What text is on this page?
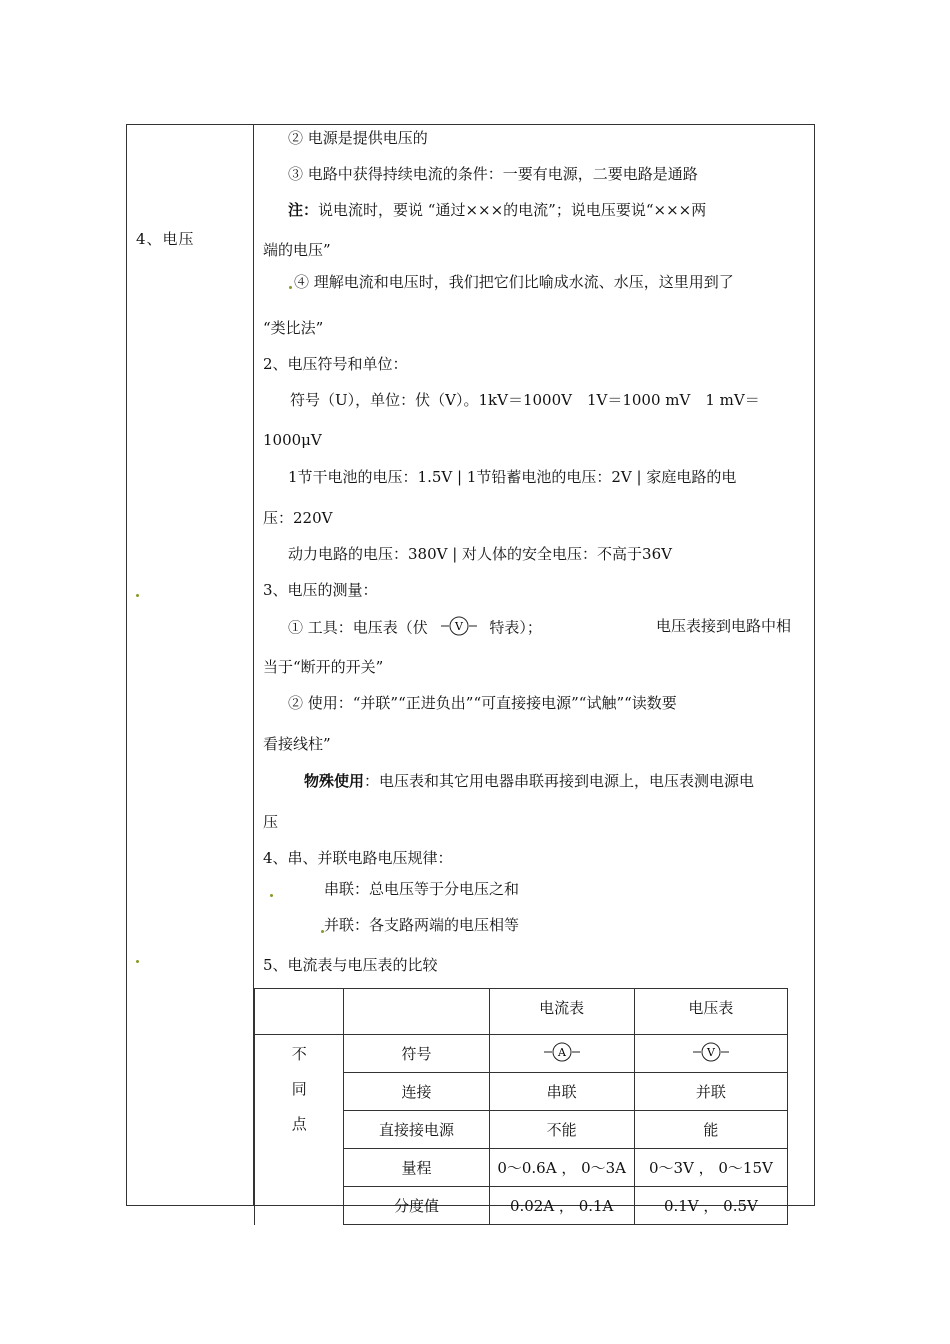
4、电压
② 电源是提供电压的
③ 电路中获得持续电流的条件：一要有电源，二要电路是通路
注：说电流时，要说 “通过×××的电流”；说电压要说“×××两
端的电压”
④ 理解电流和电压时，我们把它们比喻成水流、水压，这里用到了
“类比法”
2、电压符号和单位：
符号（U），单位：伏（V）。1kV＝1000V　1V＝1000 mV　1 mV＝
1000μV
1节干电池的电压：1.5V | 1节铅蓄电池的电压：2V | 家庭电路的电
压：220V
动力电路的电压：380V | 对人体的安全电压：不高于36V
3、电压的测量：
① 工具：电压表（伏 V 特表）；	电压表接到电路中相
当于“断开的开关”
② 使用：“并联”“正进负出”“可直接接电源”“试触”“读数要
看接线柱”
物殊使用：电压表和其它用电器串联再接到电源上，电压表测电源电
压
4、串、并联电路电压规律：
串联：总电压等于分电压之和
并联：各支路两端的电压相等
5、电流表与电压表的比较
		电流表	电压表

不
同
点	符号	A	V

	连接	串联	并联
	直接接电源	不能	能
	量程	0～0.6A ， 0～3A	0～3V ， 0～15V
	分度值	0.02A ， 0.1A	0.1V ， 0.5V
